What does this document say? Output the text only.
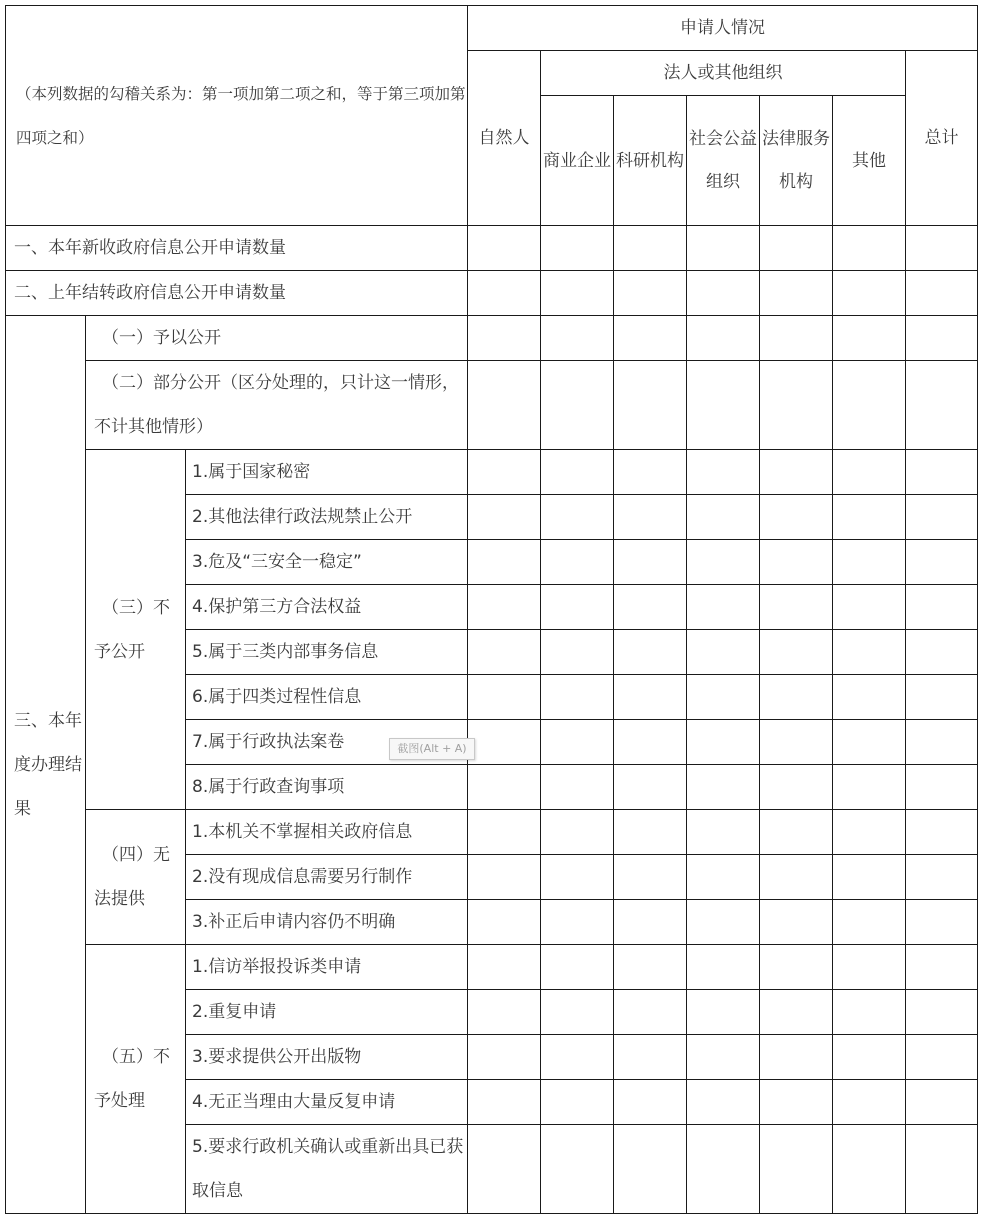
（本列数据的勾稽关系为：第一项加第二项之和，等于第三项加第四项之和）			申请人情况						
			自然人	法人或其他组织					总计
				商业企业	科研机构	社会公益组织	法律服务机构	其他	
一、本年新收政府信息公开申请数量									
二、上年结转政府信息公开申请数量									
三、本年度办理结果	（一）予以公开								
	（二）部分公开（区分处理的，只计这一情形，不计其他情形）								
	（三）不予公开	1.属于国家秘密							
		2.其他法律行政法规禁止公开							
		3.危及“三安全一稳定”							
		4.保护第三方合法权益							
		5.属于三类内部事务信息							
		6.属于四类过程性信息							
		7.属于行政执法案卷							
		8.属于行政查询事项							
	（四）无法提供	1.本机关不掌握相关政府信息							
		2.没有现成信息需要另行制作							
		3.补正后申请内容仍不明确							
	（五）不予处理	1.信访举报投诉类申请							
		2.重复申请							
		3.要求提供公开出版物							
		4.无正当理由大量反复申请							
		5.要求行政机关确认或重新出具已获取信息							
截图(Alt + A)
